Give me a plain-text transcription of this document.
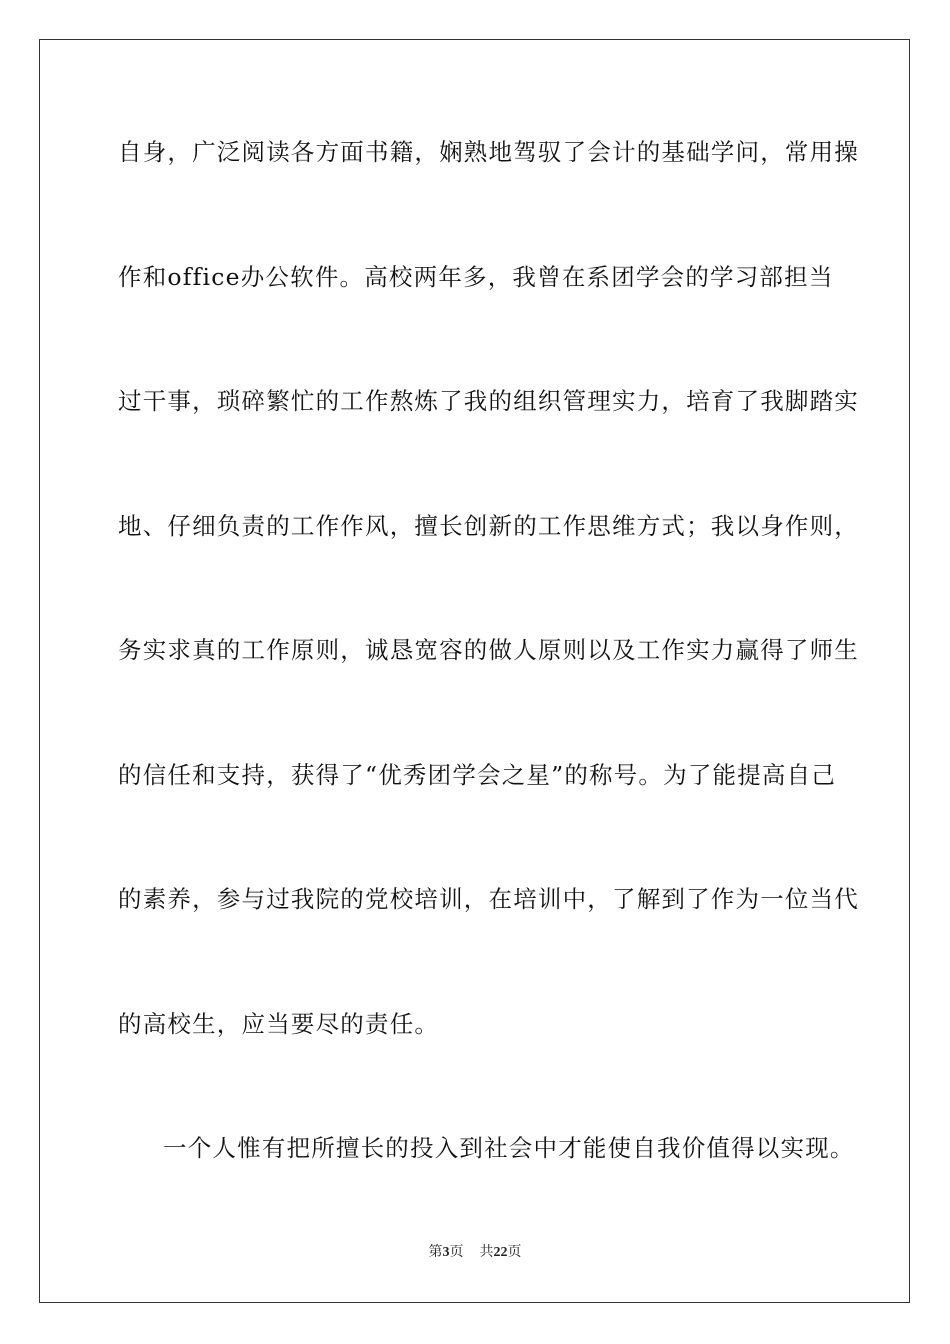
自身，广泛阅读各方面书籍，娴熟地驾驭了会计的基础学问，常用操
作和office办公软件。高校两年多，我曾在系团学会的学习部担当
过干事，琐碎繁忙的工作熬炼了我的组织管理实力，培育了我脚踏实
地、仔细负责的工作作风，擅长创新的工作思维方式；我以身作则，
务实求真的工作原则，诚恳宽容的做人原则以及工作实力赢得了师生
的信任和支持，获得了“优秀团学会之星”的称号。为了能提高自己
的素养，参与过我院的党校培训，在培训中，了解到了作为一位当代
的高校生，应当要尽的责任。
一个人惟有把所擅长的投入到社会中才能使自我价值得以实现。
第3页 共22页
